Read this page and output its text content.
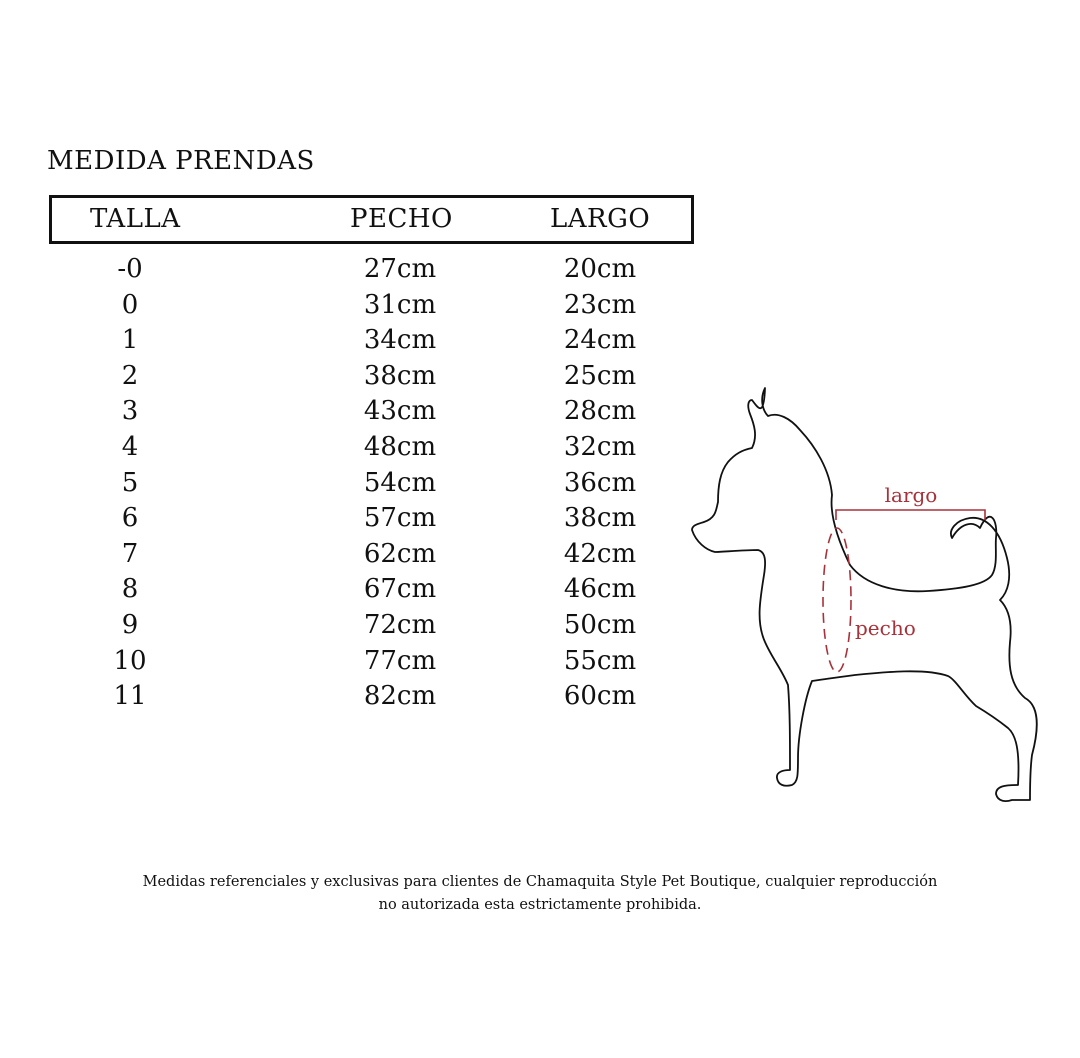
MEDIDA PRENDAS
TALLA	PECHO	LARGO
-0	27cm	20cm
0	31cm	23cm
1	34cm	24cm
2	38cm	25cm
3	43cm	28cm
4	48cm	32cm
5	54cm	36cm
6	57cm	38cm
7	62cm	42cm
8	67cm	46cm
9	72cm	50cm
10	77cm	55cm
11	82cm	60cm
largo
pecho
Medidas referenciales y exclusivas para clientes de Chamaquita Style Pet Boutique, cualquier reproducción
no autorizada esta estrictamente prohibida.
